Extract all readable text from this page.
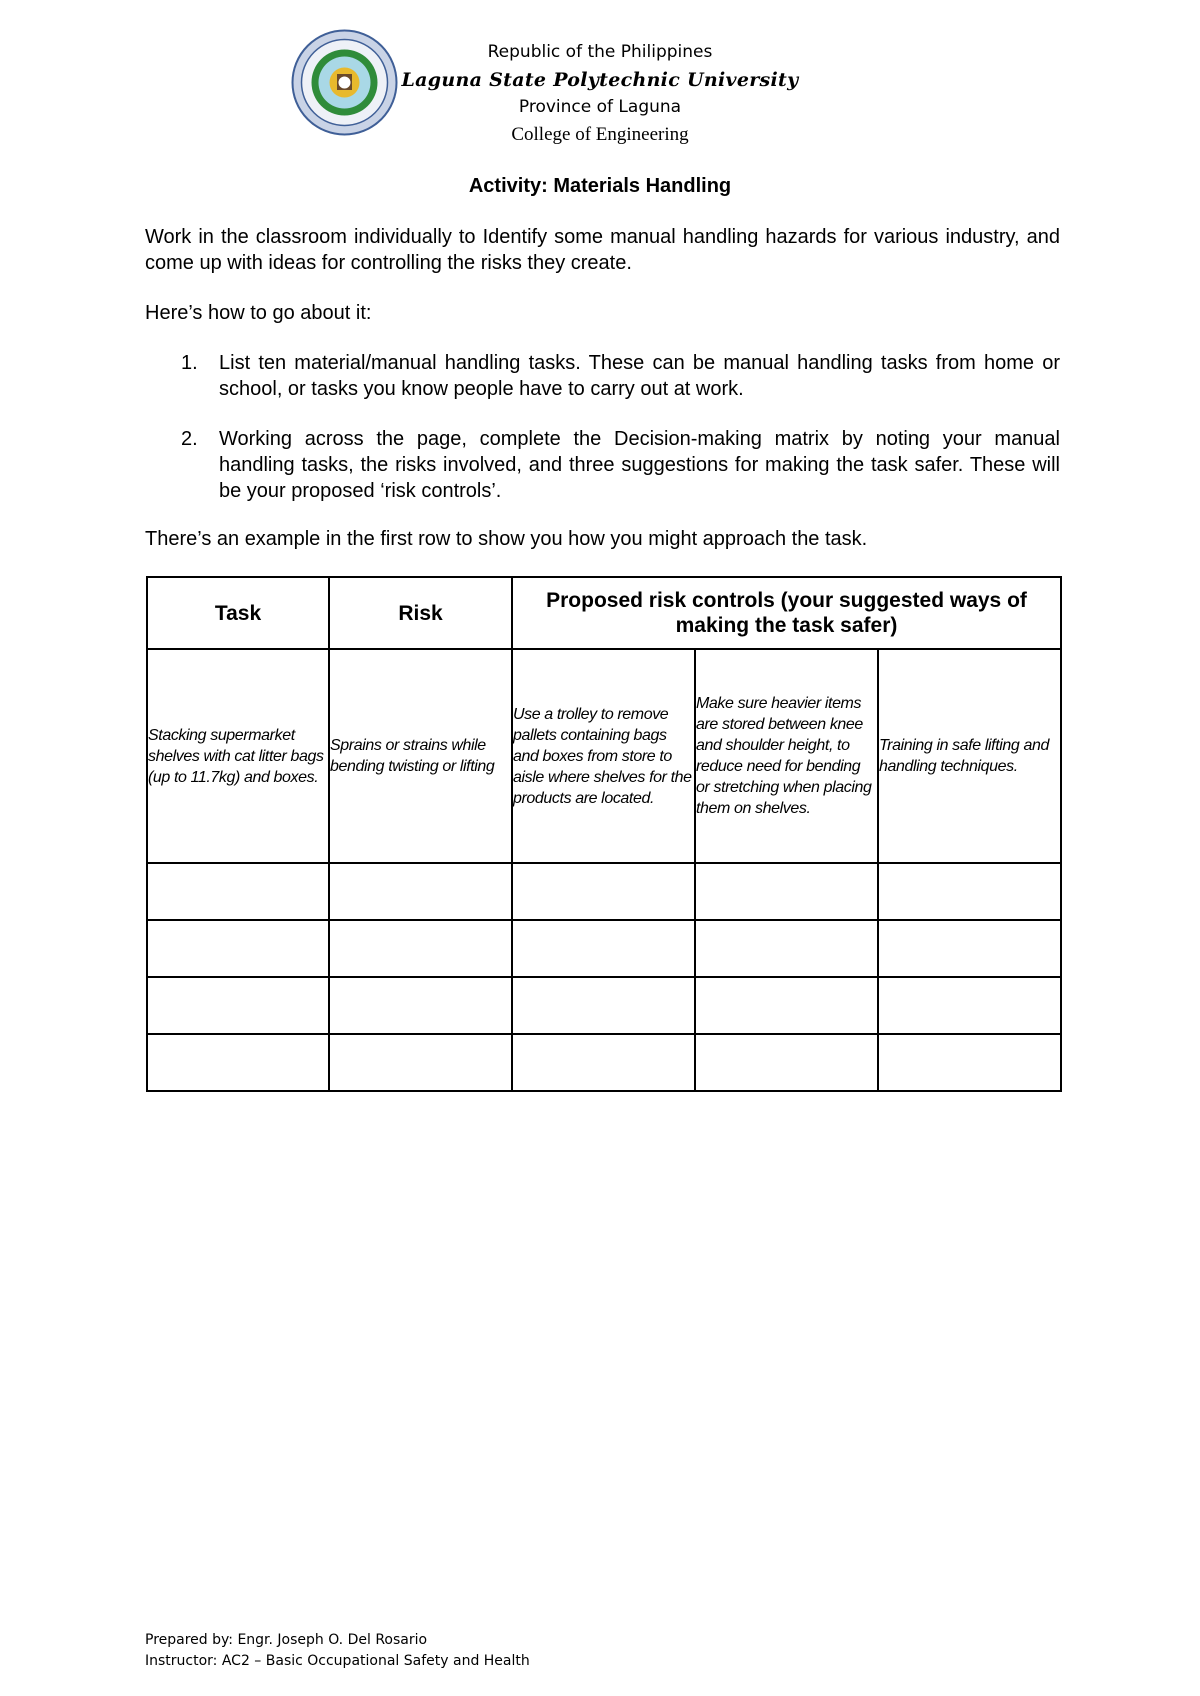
Republic of the Philippines
Laguna State Polytechnic University
Province of Laguna
College of Engineering
Activity: Materials Handling
Work in the classroom individually to Identify some manual handling hazards for various industry, and come up with ideas for controlling the risks they create.
Here’s how to go about it:
1. List ten material/manual handling tasks. These can be manual handling tasks from home or school, or tasks you know people have to carry out at work.
2. Working across the page, complete the Decision-making matrix by noting your manual handling tasks, the risks involved, and three suggestions for making the task safer. These will be your proposed ‘risk controls’.
There’s an example in the first row to show you how you might approach the task.
Task	Risk	Proposed risk controls (your suggested ways of making the task safer)		
Stacking supermarket shelves with cat litter bags (up to 11.7kg) and boxes.	Sprains or strains while bending twisting or lifting	Use a trolley to remove pallets containing bags and boxes from store to aisle where shelves for the products are located.	Make sure heavier items are stored between knee and shoulder height, to reduce need for bending or stretching when placing them on shelves.	Training in safe lifting and handling techniques.

Prepared by: Engr. Joseph O. Del Rosario
Instructor: AC2 – Basic Occupational Safety and Health
